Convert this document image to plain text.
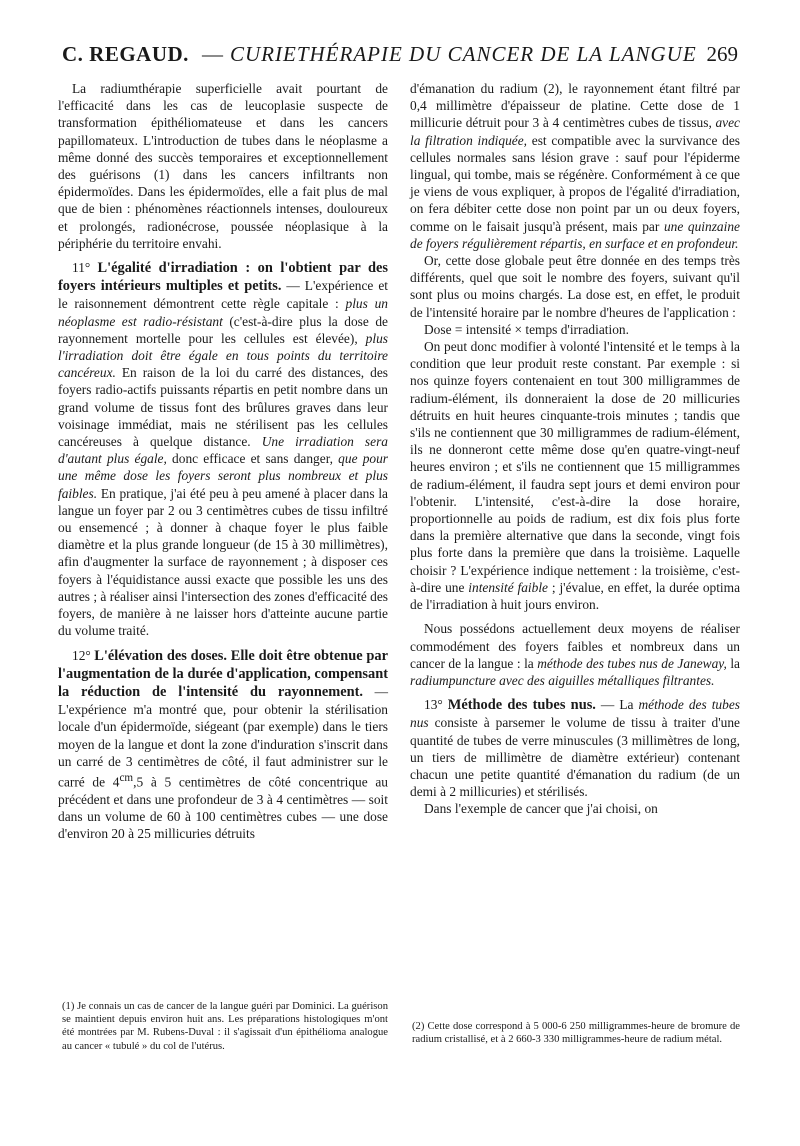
C. REGAUD. — CURIETHÉRAPIE DU CANCER DE LA LANGUE 269

La radiumthérapie superficielle avait pourtant de l'efficacité dans les cas de leucoplasie suspecte de transformation épithéliomateuse et dans les cancers papillomateux. L'introduction de tubes dans le néoplasme a même donné des succès temporaires et exceptionnellement des guérisons (1) dans les cancers infiltrants non épidermoïdes. Dans les épidermoïdes, elle a fait plus de mal que de bien : phénomènes réactionnels intenses, douloureux et prolongés, radionécrose, poussée néoplasique à la périphérie du territoire envahi.

11° L'égalité d'irradiation : on l'obtient par des foyers intérieurs multiples et petits. — L'expérience et le raisonnement démontrent cette règle capitale : plus un néoplasme est radio-résistant (c'est-à-dire plus la dose de rayonnement mortelle pour les cellules est élevée), plus l'irradiation doit être égale en tous points du territoire cancéreux. En raison de la loi du carré des distances, des foyers radio-actifs puissants répartis en petit nombre dans un grand volume de tissus font des brûlures graves dans leur voisinage immédiat, mais ne stérilisent pas les cellules cancéreuses à quelque distance. Une irradiation sera d'autant plus égale, donc efficace et sans danger, que pour une même dose les foyers seront plus nombreux et plus faibles. En pratique, j'ai été peu à peu amené à placer dans la langue un foyer par 2 ou 3 centimètres cubes de tissu infiltré ou ensemencé ; à donner à chaque foyer le plus faible diamètre et la plus grande longueur (de 15 à 30 millimètres), afin d'augmenter la surface de rayonnement ; à disposer ces foyers à l'équidistance aussi exacte que possible les uns des autres ; à réaliser ainsi l'intersection des zones d'efficacité des foyers, de manière à ne laisser hors d'atteinte aucune partie du volume traité.

12° L'élévation des doses. Elle doit être obtenue par l'augmentation de la durée d'application, compensant la réduction de l'intensité du rayonnement. — L'expérience m'a montré que, pour obtenir la stérilisation locale d'un épidermoïde, siégeant (par exemple) dans le tiers moyen de la langue et dont la zone d'induration s'inscrit dans un carré de 3 centimètres de côté, il faut administrer sur le carré de $4^{cm},5$ à 5 centimètres de côté concentrique au précédent et dans une profondeur de 3 à 4 centimètres — soit dans un volume de 60 à 100 centimètres cubes — une dose d'environ 20 à 25 millicuries détruits

d'émanation du radium (2), le rayonnement étant filtré par 0,4 millimètre d'épaisseur de platine. Cette dose de 1 millicurie détruit pour 3 à 4 centimètres cubes de tissus, avec la filtration indiquée, est compatible avec la survivance des cellules normales sans lésion grave : sauf pour l'épiderme lingual, qui tombe, mais se régénère. Conformément à ce que je viens de vous expliquer, à propos de l'égalité d'irradiation, on fera débiter cette dose non point par un ou deux foyers, comme on le faisait jusqu'à présent, mais par une quinzaine de foyers régulièrement répartis, en surface et en profondeur.

Or, cette dose globale peut être donnée en des temps très différents, quel que soit le nombre des foyers, suivant qu'il sont plus ou moins chargés. La dose est, en effet, le produit de l'intensité horaire par le nombre d'heures de l'application :

Dose = intensité × temps d'irradiation.

On peut donc modifier à volonté l'intensité et le temps à la condition que leur produit reste constant. Par exemple : si nos quinze foyers contenaient en tout 300 milligrammes de radium-élément, ils donneraient la dose de 20 millicuries détruits en huit heures cinquante-trois minutes ; tandis que s'ils ne contiennent que 30 milligrammes de radium-élément, ils ne donneront cette même dose qu'en quatre-vingt-neuf heures environ ; et s'ils ne contiennent que 15 milligrammes de radium-élément, il faudra sept jours et demi environ pour l'obtenir. L'intensité, c'est-à-dire la dose horaire, proportionnelle au poids de radium, est dix fois plus forte dans la première alternative que dans la seconde, vingt fois plus forte dans la première que dans la troisième. Laquelle choisir ? L'expérience indique nettement : la troisième, c'est-à-dire une intensité faible ; j'évalue, en effet, la durée optima de l'irradiation à huit jours environ.

Nous possédons actuellement deux moyens de réaliser commodément des foyers faibles et nombreux dans un cancer de la langue : la méthode des tubes nus de Janeway, la radiumpuncture avec des aiguilles métalliques filtrantes.

13° Méthode des tubes nus. — La méthode des tubes nus consiste à parsemer le volume de tissu à traiter d'une quantité de tubes de verre minuscules (3 millimètres de long, un tiers de millimètre de diamètre extérieur) contenant chacun une petite quantité d'émanation du radium (de un demi à 2 millicuries) et stérilisés.

Dans l'exemple de cancer que j'ai choisi, on

(1) Je connais un cas de cancer de la langue guéri par Dominici. La guérison se maintient depuis environ huit ans. Les préparations histologiques m'ont été montrées par M. Rubens-Duval : il s'agissait d'un épithélioma analogue au cancer « tubulé » du col de l'utérus.
(2) Cette dose correspond à 5 000-6 250 milligrammes-heure de bromure de radium cristallisé, et à 2 660-3 330 milligrammes-heure de radium métal.
